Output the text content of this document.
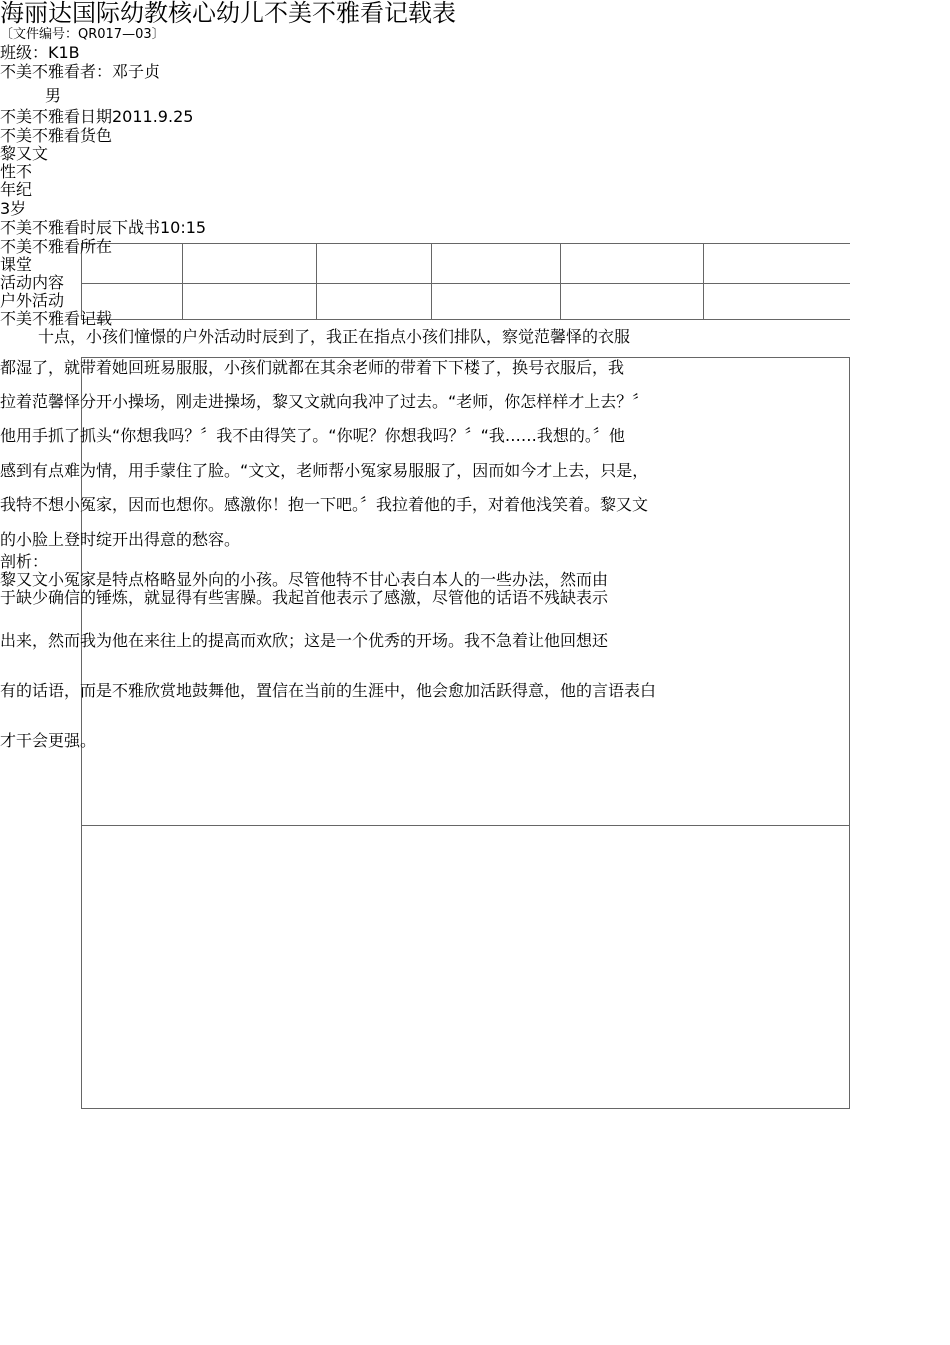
海丽达国际幼教核心幼儿不美不雅看记载表
〔文件编号：QR017—03〕
班级：K1B
不美不雅看者：邓子贞
男
不美不雅看日期2011.9.25
不美不雅看货色
黎又文
性不
年纪
3岁
不美不雅看时辰下战书10:15
不美不雅看所在
课堂
活动内容
户外活动
不美不雅看记载
十点，小孩们憧憬的户外活动时辰到了，我正在指点小孩们排队，察觉范馨怿的衣服
都湿了，就带着她回班易服服，小孩们就都在其余老师的带着下下楼了，换号衣服后，我
拉着范馨怿分开小操场，刚走进操场，黎又文就向我冲了过去。“老师，你怎样样才上去？〞
他用手抓了抓头“你想我吗？〞我不由得笑了。“你呢？你想我吗？〞“我……我想的。〞他
感到有点难为情，用手蒙住了脸。“文文，老师帮小冤家易服服了，因而如今才上去，只是，
我特不想小冤家，因而也想你。感激你！抱一下吧。〞我拉着他的手，对着他浅笑着。黎又文
的小脸上登时绽开出得意的愁容。
剖析：
黎又文小冤家是特点格略显外向的小孩。尽管他特不甘心表白本人的一些办法，然而由
于缺少确信的锤炼，就显得有些害臊。我起首他表示了感激，尽管他的话语不残缺表示
出来，然而我为他在来往上的提高而欢欣；这是一个优秀的开场。我不急着让他回想还
有的话语，而是不雅欣赏地鼓舞他，置信在当前的生涯中，他会愈加活跃得意，他的言语表白
才干会更强。
